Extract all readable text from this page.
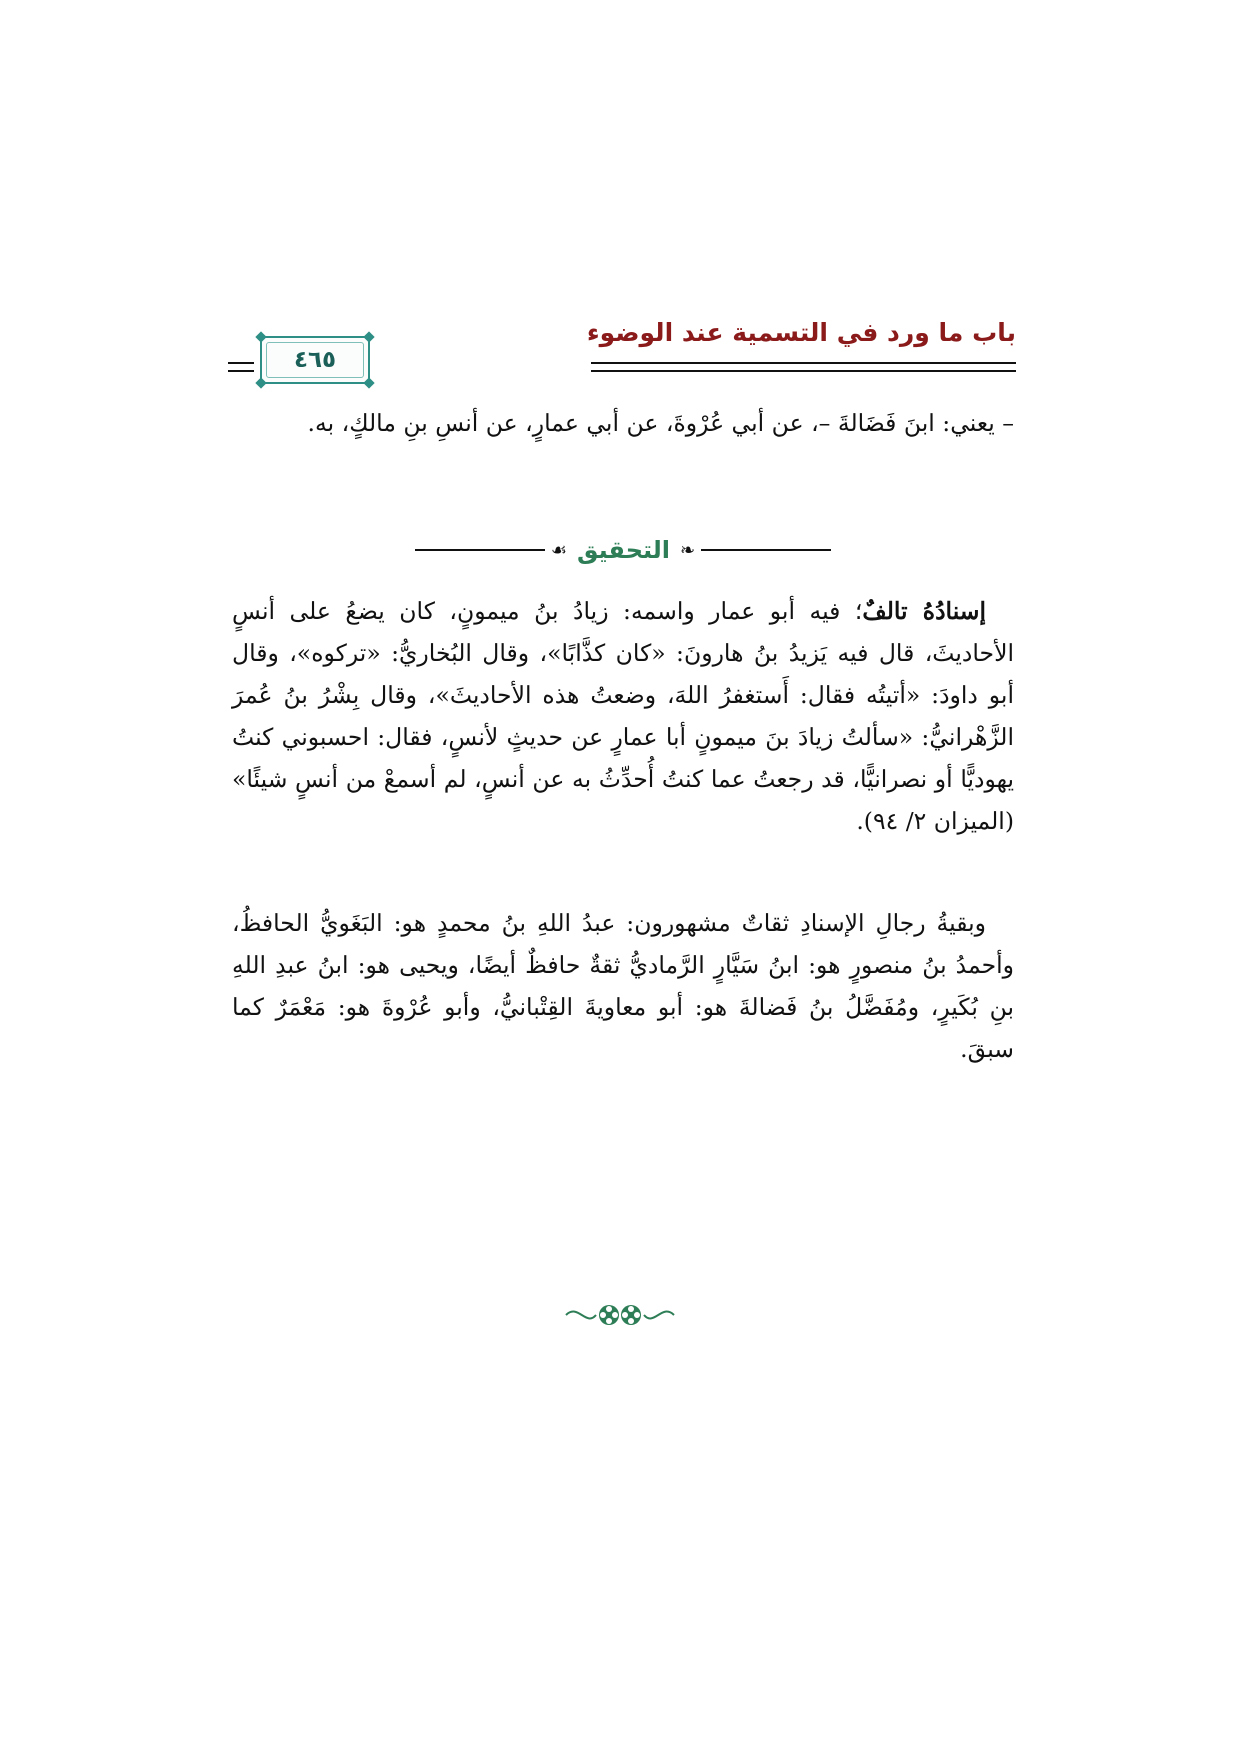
باب ما ورد في التسمية عند الوضوء
٤٦٥

– يعني: ابنَ فَضَالةَ –، عن أبي عُرْوةَ، عن أبي عمارٍ، عن أنسِ بنِ مالكٍ، به.

❧
التحقيق
☙

إسنادُهُ تالفٌ؛ فيه أبو عمار واسمه: زيادُ بنُ ميمونٍ، كان يضعُ على أنسٍ الأحاديثَ، قال فيه يَزيدُ بنُ هارونَ: «كان كذَّابًا»، وقال البُخاريُّ: «تركوه»، وقال أبو داودَ: «أتيتُه فقال: أَستغفرُ اللهَ، وضعتُ هذه الأحاديثَ»، وقال بِشْرُ بنُ عُمرَ الزَّهْرانيُّ: «سألتُ زيادَ بنَ ميمونٍ أبا عمارٍ عن حديثٍ لأنسٍ، فقال: احسبوني كنتُ يهوديًّا أو نصرانيًّا، قد رجعتُ عما كنتُ أُحدِّثُ به عن أنسٍ، لم أسمعْ من أنسٍ شيئًا» (الميزان ٢/ ٩٤).

وبقيةُ رجالِ الإسنادِ ثقاتٌ مشهورون: عبدُ اللهِ بنُ محمدٍ هو: البَغَويُّ الحافظُ، وأحمدُ بنُ منصورٍ هو: ابنُ سَيَّارٍ الرَّماديُّ ثقةٌ حافظٌ أيضًا، ويحيى هو: ابنُ عبدِ اللهِ بنِ بُكَيرٍ، ومُفَضَّلُ بنُ فَضالةَ هو: أبو معاويةَ القِتْبانيُّ، وأبو عُرْوةَ هو: مَعْمَرٌ كما سبقَ.
